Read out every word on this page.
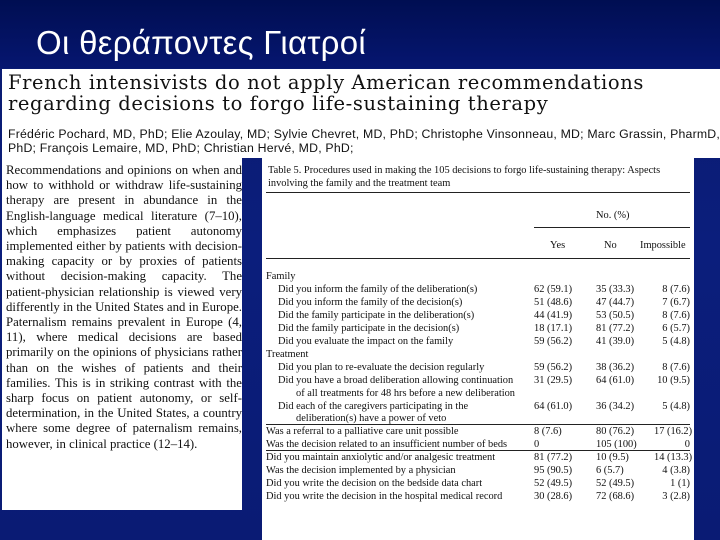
Οι θεράποντες Γιατροί
French intensivists do not apply American recommendations regarding decisions to forgo life-sustaining therapy
Frédéric Pochard, MD, PhD; Elie Azoulay, MD; Sylvie Chevret, MD, PhD; Christophe Vinsonneau, MD; Marc Grassin, PharmD, PhD; François Lemaire, MD, PhD; Christian Hervé, MD, PhD;
Recommendations and opinions on when and how to withhold or withdraw life-sustaining therapy are present in abundance in the English-language medical literature (7–10), which emphasizes patient autonomy implemented either by patients with decision-making capacity or by proxies of patients without decision-making capacity. The patient-physician relationship is viewed very differently in the United States and in Europe. Paternalism remains prevalent in Europe (4, 11), where medical decisions are based primarily on the opinions of physicians rather than on the wishes of patients and their families. This is in striking contrast with the sharp focus on patient autonomy, or self-determination, in the United States, a country where some degree of paternalism remains, however, in clinical practice (12–14).
Table 5. Procedures used in making the 105 decisions to forgo life-sustaining therapy: Aspects involving the family and the treatment team
No. (%)
Yes	No Impossible
Family
Did you inform the family of the deliberation(s)	62 (59.1) 35 (33.3)	8 (7.6)
Did you inform the family of the decision(s)	51 (48.6) 47 (44.7)	7 (6.7)
Did the family participate in the deliberation(s)	44 (41.9) 53 (50.5)	8 (7.6)
Did the family participate in the decision(s)	18 (17.1) 81 (77.2)	6 (5.7)
Did you evaluate the impact on the family	59 (56.2) 41 (39.0)	5 (4.8)
Treatment
Did you plan to re-evaluate the decision regularly	59 (56.2) 38 (36.2)	8 (7.6)
Did you have a broad deliberation allowing continuation 31 (29.5) 64 (61.0)	10 (9.5)
of all treatments for 48 hrs before a new deliberation
Did each of the caregivers participating in the	64 (61.0) 36 (34.2)	5 (4.8)
deliberation(s) have a power of veto
Was a referral to a palliative care unit possible	8 (7.6)	80 (76.2)	17 (16.2)
Was the decision related to an insufficient number of beds	0	105 (100)	0
Did you maintain anxiolytic and/or analgesic treatment	81 (77.2) 10 (9.5)	14 (13.3)
Was the decision implemented by a physician	95 (90.5) 6 (5.7)	4 (3.8)
Did you write the decision on the bedside data chart	52 (49.5) 52 (49.5)	1 (1)
Did you write the decision in the hospital medical record	30 (28.6) 72 (68.6)	3 (2.8)
